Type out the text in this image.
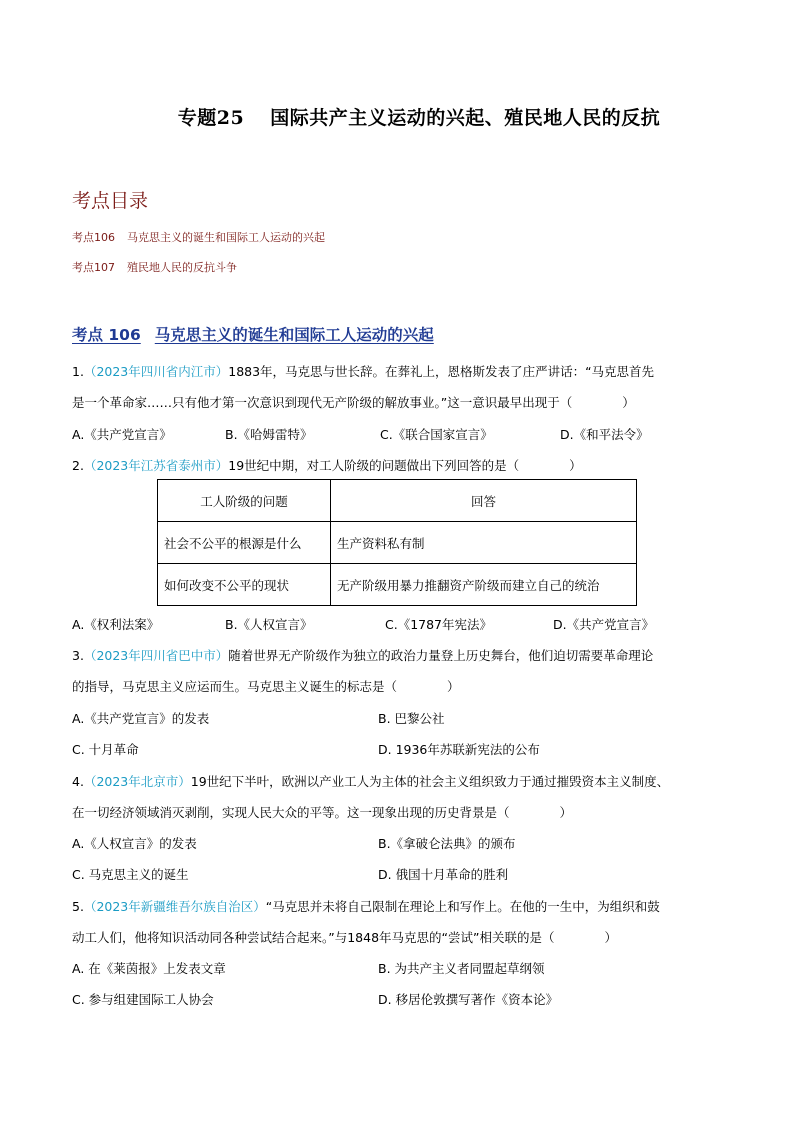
专题25 国际共产主义运动的兴起、殖民地人民的反抗
考点目录
考点106 马克思主义的诞生和国际工人运动的兴起
考点107 殖民地人民的反抗斗争
考点 106 马克思主义的诞生和国际工人运动的兴起
1.（2023年四川省内江市）1883年，马克思与世长辞。在葬礼上，恩格斯发表了庄严讲话：“马克思首先
是一个革命家……只有他才第一次意识到现代无产阶级的解放事业。”这一意识最早出现于（　　　　）
A.《共产党宣言》	B.《哈姆雷特》	C.《联合国家宣言》	D.《和平法令》
2.（2023年江苏省泰州市）19世纪中期，对工人阶级的问题做出下列回答的是（　　　　）
工人阶级的问题	回答
社会不公平的根源是什么	生产资料私有制
如何改变不公平的现状	无产阶级用暴力推翻资产阶级而建立自己的统治
A.《权利法案》	B.《人权宣言》	C.《1787年宪法》	D.《共产党宣言》
3.（2023年四川省巴中市）随着世界无产阶级作为独立的政治力量登上历史舞台，他们迫切需要革命理论
的指导，马克思主义应运而生。马克思主义诞生的标志是（　　　　）
A.《共产党宣言》的发表	B. 巴黎公社
C. 十月革命	D. 1936年苏联新宪法的公布
4.（2023年北京市）19世纪下半叶，欧洲以产业工人为主体的社会主义组织致力于通过摧毁资本主义制度、
在一切经济领域消灭剥削，实现人民大众的平等。这一现象出现的历史背景是（　　　　）
A.《人权宣言》的发表	B.《拿破仑法典》的颁布
C. 马克思主义的诞生	D. 俄国十月革命的胜利
5.（2023年新疆维吾尔族自治区）“马克思并未将自己限制在理论上和写作上。在他的一生中，为组织和鼓
动工人们，他将知识活动同各种尝试结合起来。”与1848年马克思的“尝试”相关联的是（　　　　）
A. 在《莱茵报》上发表文章	B. 为共产主义者同盟起草纲领
C. 参与组建国际工人协会	D. 移居伦敦撰写著作《资本论》
